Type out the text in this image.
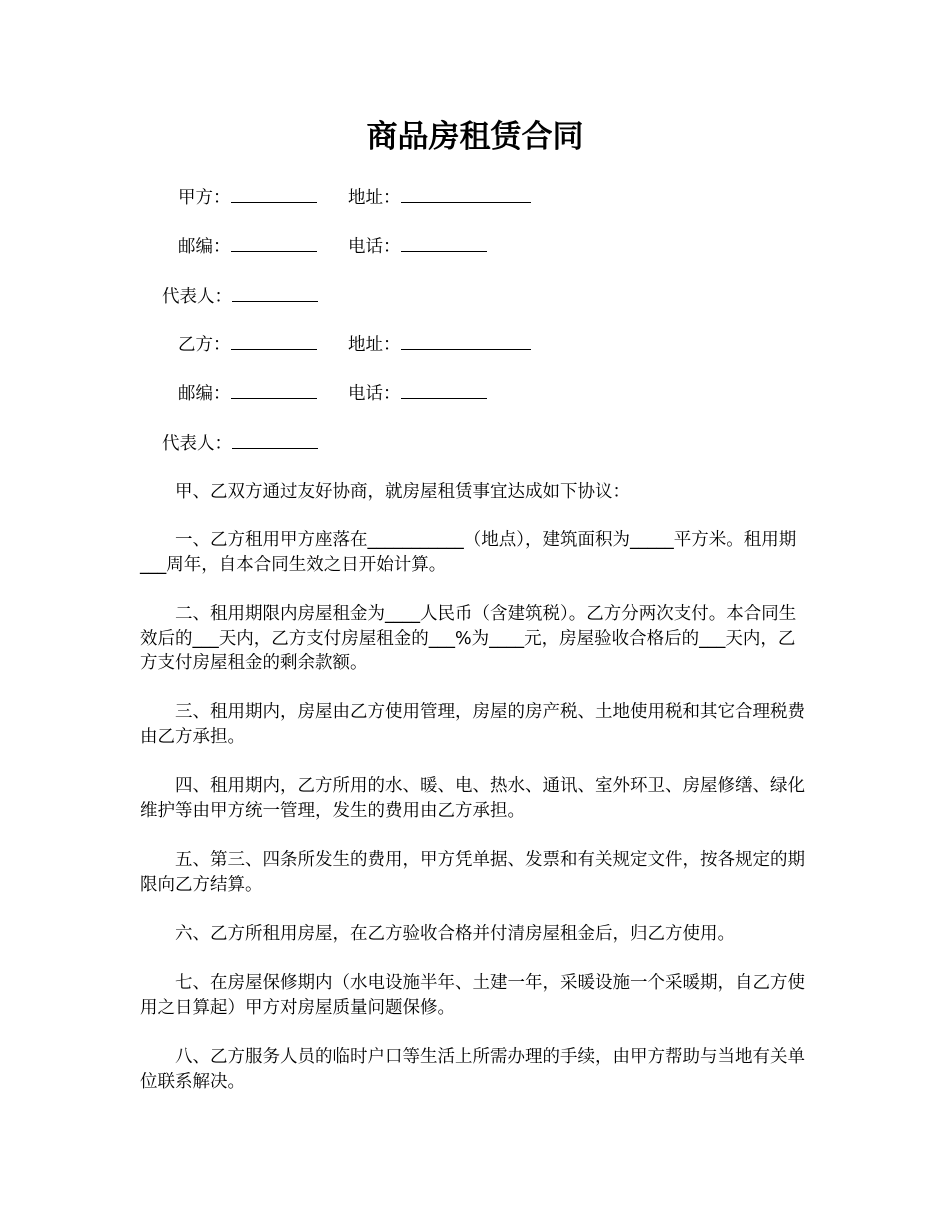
商品房租赁合同
甲方：	地址：
邮编：	电话：
代表人：
乙方：	地址：
邮编：	电话：
代表人：

甲、乙双方通过友好协商，就房屋租赁事宜达成如下协议：

一、乙方租用甲方座落在___________（地点），建筑面积为_____平方米。租用期___周年，自本合同生效之日开始计算。

二、租用期限内房屋租金为____人民币（含建筑税）。乙方分两次支付。本合同生效后的___天内，乙方支付房屋租金的___%为____元，房屋验收合格后的___天内，乙方支付房屋租金的剩余款额。

三、租用期内，房屋由乙方使用管理，房屋的房产税、土地使用税和其它合理税费由乙方承担。

四、租用期内，乙方所用的水、暖、电、热水、通讯、室外环卫、房屋修缮、绿化维护等由甲方统一管理，发生的费用由乙方承担。

五、第三、四条所发生的费用，甲方凭单据、发票和有关规定文件，按各规定的期限向乙方结算。

六、乙方所租用房屋，在乙方验收合格并付清房屋租金后，归乙方使用。

七、在房屋保修期内（水电设施半年、土建一年，采暖设施一个采暖期，自乙方使用之日算起）甲方对房屋质量问题保修。

八、乙方服务人员的临时户口等生活上所需办理的手续，由甲方帮助与当地有关单位联系解决。
